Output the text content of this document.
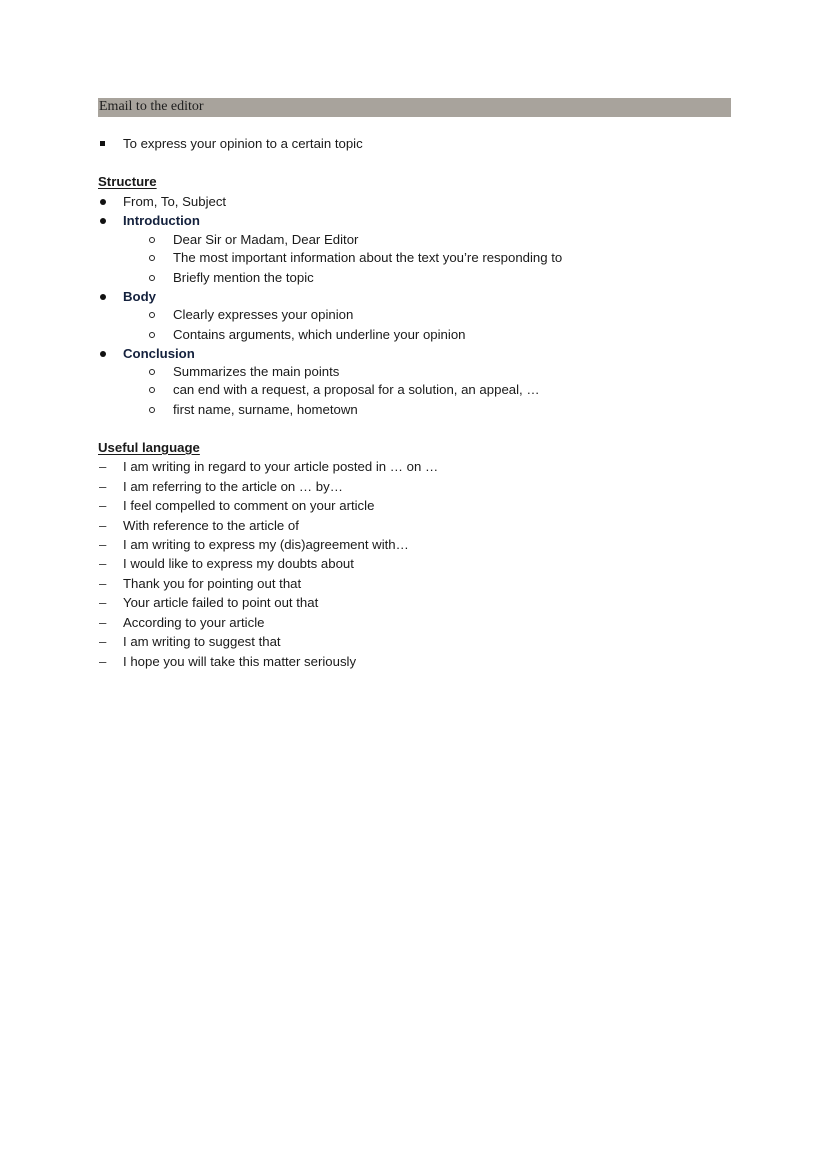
Email to the editor
To express your opinion to a certain topic
Structure
From, To, Subject
Introduction
Dear Sir or Madam, Dear Editor
The most important information about the text you’re responding to
Briefly mention the topic
Body
Clearly expresses your opinion
Contains arguments, which underline your opinion
Conclusion
Summarizes the main points
can end with a request, a proposal for a solution, an appeal, …
first name, surname, hometown
Useful language
– I am writing in regard to your article posted in … on …
– I am referring to the article on … by…
– I feel compelled to comment on your article
– With reference to the article of
– I am writing to express my (dis)agreement with…
– I would like to express my doubts about
– Thank you for pointing out that
– Your article failed to point out that
– According to your article
– I am writing to suggest that
– I hope you will take this matter seriously
